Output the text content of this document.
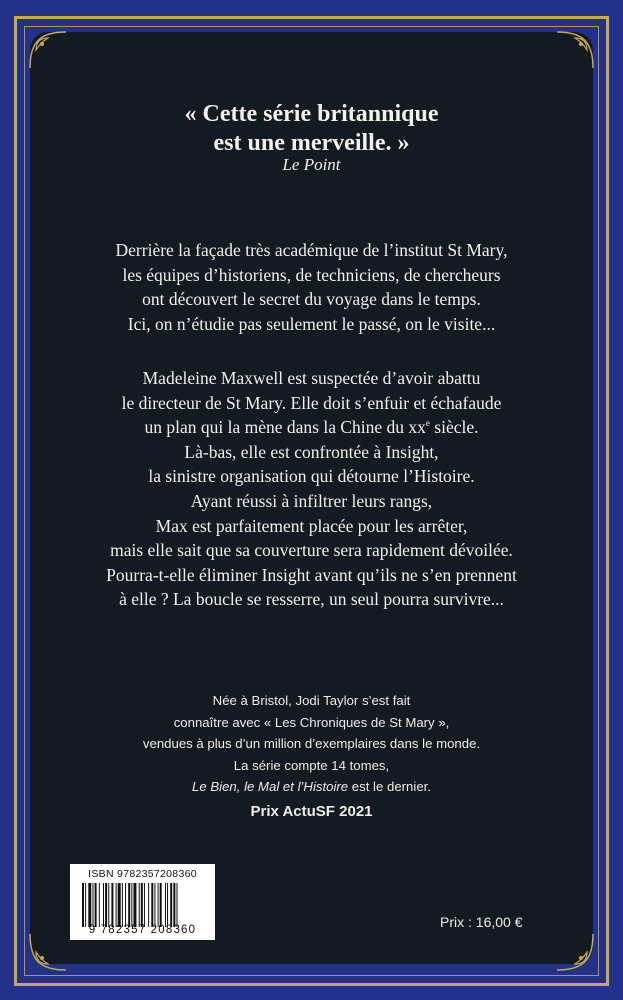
« Cette série britannique
est une merveille. »
Le Point
Derrière la façade très académique de l’institut St Mary,
les équipes d’historiens, de techniciens, de chercheurs
ont découvert le secret du voyage dans le temps.
Ici, on n’étudie pas seulement le passé, on le visite...
Madeleine Maxwell est suspectée d’avoir abattu
le directeur de St Mary. Elle doit s’enfuir et échafaude
un plan qui la mène dans la Chine du $xx^e$ siècle.
Là-bas, elle est confrontée à Insight,
la sinistre organisation qui détourne l’Histoire.
Ayant réussi à infiltrer leurs rangs,
Max est parfaitement placée pour les arrêter,
mais elle sait que sa couverture sera rapidement dévoilée.
Pourra-t-elle éliminer Insight avant qu’ils ne s’en prennent
à elle ? La boucle se resserre, un seul pourra survivre...
Née à Bristol, Jodi Taylor s’est fait
connaître avec « Les Chroniques de St Mary »,
vendues à plus d’un million d’exemplaires dans le monde.
La série compte 14 tomes,
Le Bien, le Mal et l’Histoire est le dernier.
Prix ActuSF 2021
ISBN 9782357208360
9 782357 208360	Prix : 16,00 €
